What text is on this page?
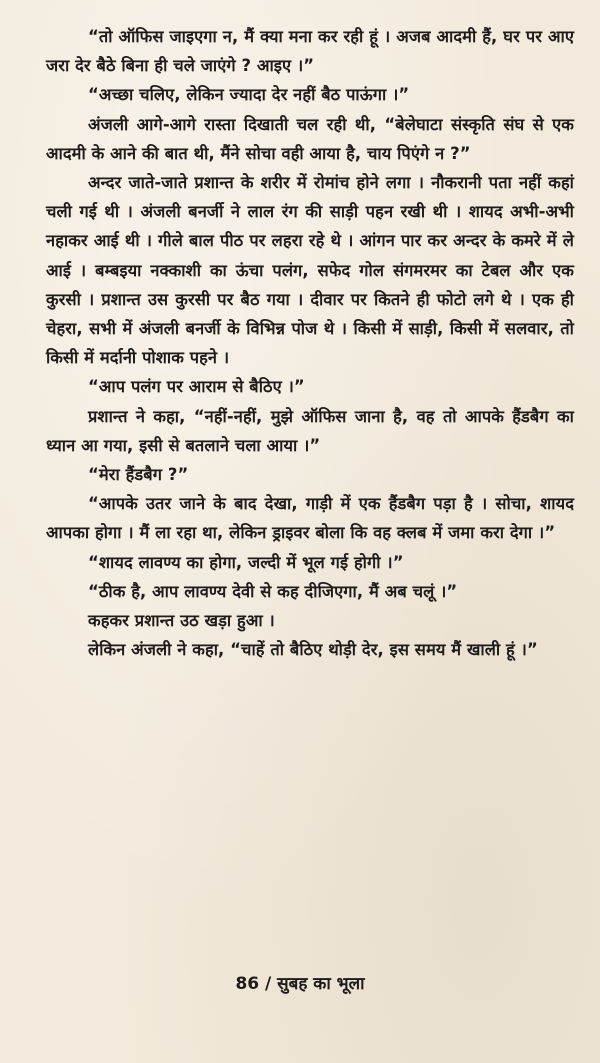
“तो ऑफिस जाइएगा न, मैं क्या मना कर रही हूं । अजब आदमी हैं, घर पर आए जरा देर बैठे बिना ही चले जाएंगे ? आइए ।”

“अच्छा चलिए, लेकिन ज्यादा देर नहीं बैठ पाऊंगा ।”

अंजली आगे-आगे रास्ता दिखाती चल रही थी, “बेलेघाटा संस्कृति संघ से एक आदमी के आने की बात थी, मैंने सोचा वही आया है, चाय पिएंगे न ?”

अन्दर जाते-जाते प्रशान्त के शरीर में रोमांच होने लगा । नौकरानी पता नहीं कहां चली गई थी । अंजली बनर्जी ने लाल रंग की साड़ी पहन रखी थी । शायद अभी-अभी नहाकर आई थी । गीले बाल पीठ पर लहरा रहे थे । आंगन पार कर अन्दर के कमरे में ले आई । बम्बइया नक्काशी का ऊंचा पलंग, सफेद गोल संगमरमर का टेबल और एक कुरसी । प्रशान्त उस कुरसी पर बैठ गया । दीवार पर कितने ही फोटो लगे थे । एक ही चेहरा, सभी में अंजली बनर्जी के विभिन्न पोज थे । किसी में साड़ी, किसी में सलवार, तो किसी में मर्दानी पोशाक पहने ।

“आप पलंग पर आराम से बैठिए ।”

प्रशान्त ने कहा, “नहीं-नहीं, मुझे ऑफिस जाना है, वह तो आपके हैंडबैग का ध्यान आ गया, इसी से बतलाने चला आया ।”

“मेरा हैंडबैग ?”

“आपके उतर जाने के बाद देखा, गाड़ी में एक हैंडबैग पड़ा है । सोचा, शायद आपका होगा । मैं ला रहा था, लेकिन ड्राइवर बोला कि वह क्लब में जमा करा देगा ।”

“शायद लावण्य का होगा, जल्दी में भूल गई होगी ।”

“ठीक है, आप लावण्य देवी से कह दीजिएगा, मैं अब चलूं ।”

कहकर प्रशान्त उठ खड़ा हुआ ।

लेकिन अंजली ने कहा, “चाहें तो बैठिए थोड़ी देर, इस समय मैं खाली हूं ।”

86 / सुबह का भूला
